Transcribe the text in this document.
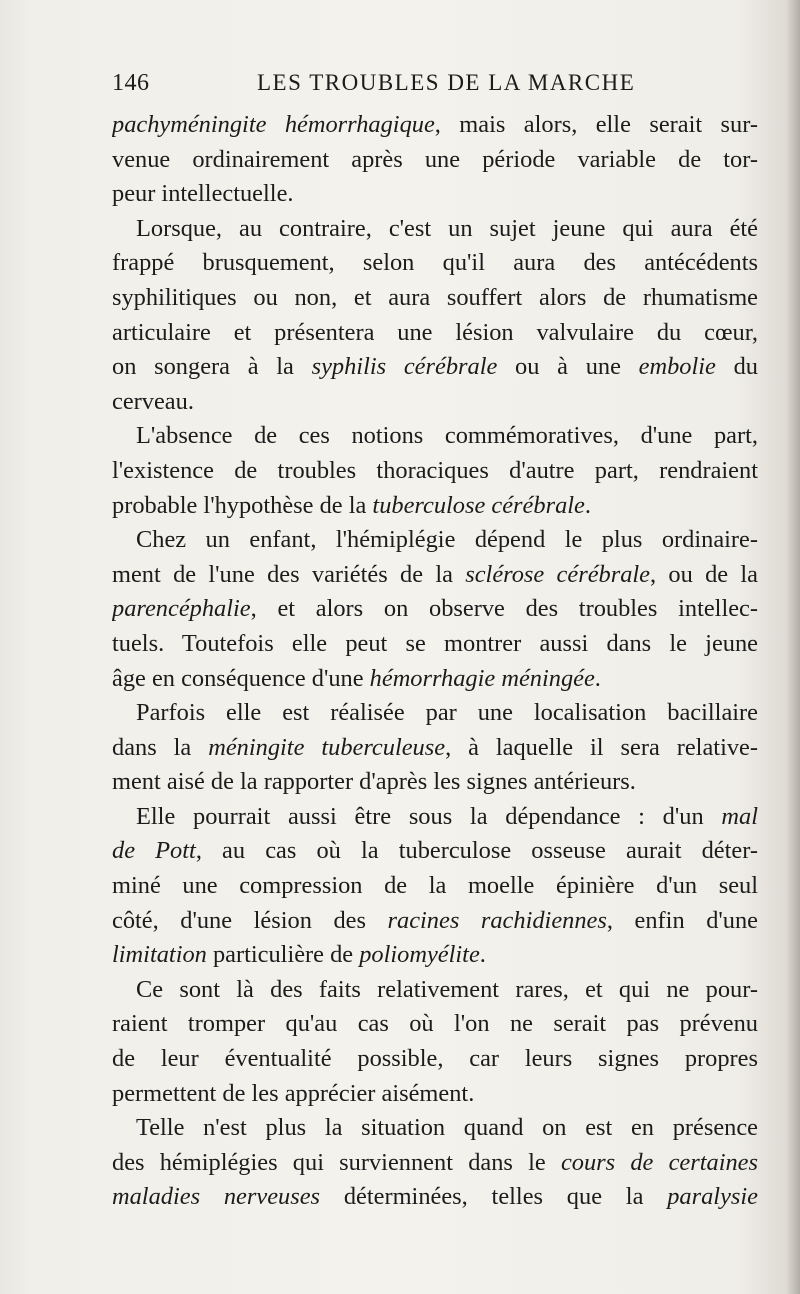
146	LES TROUBLES DE LA MARCHE
pachyméningite hémorrhagique, mais alors, elle serait sur-
venue ordinairement après une période variable de tor-
peur intellectuelle.
Lorsque, au contraire, c'est un sujet jeune qui aura été
frappé brusquement, selon qu'il aura des antécédents
syphilitiques ou non, et aura souffert alors de rhumatisme
articulaire et présentera une lésion valvulaire du cœur,
on songera à la syphilis cérébrale ou à une embolie du
cerveau.
L'absence de ces notions commémoratives, d'une part,
l'existence de troubles thoraciques d'autre part, rendraient
probable l'hypothèse de la tuberculose cérébrale.
Chez un enfant, l'hémiplégie dépend le plus ordinaire-
ment de l'une des variétés de la sclérose cérébrale, ou de la
parencéphalie, et alors on observe des troubles intellec-
tuels. Toutefois elle peut se montrer aussi dans le jeune
âge en conséquence d'une hémorrhagie méningée.
Parfois elle est réalisée par une localisation bacillaire
dans la méningite tuberculeuse, à laquelle il sera relative-
ment aisé de la rapporter d'après les signes antérieurs.
Elle pourrait aussi être sous la dépendance : d'un mal
de Pott, au cas où la tuberculose osseuse aurait déter-
miné une compression de la moelle épinière d'un seul
côté, d'une lésion des racines rachidiennes, enfin d'une
limitation particulière de poliomyélite.
Ce sont là des faits relativement rares, et qui ne pour-
raient tromper qu'au cas où l'on ne serait pas prévenu
de leur éventualité possible, car leurs signes propres
permettent de les apprécier aisément.
Telle n'est plus la situation quand on est en présence
des hémiplégies qui surviennent dans le cours de certaines
maladies nerveuses déterminées, telles que la paralysie
